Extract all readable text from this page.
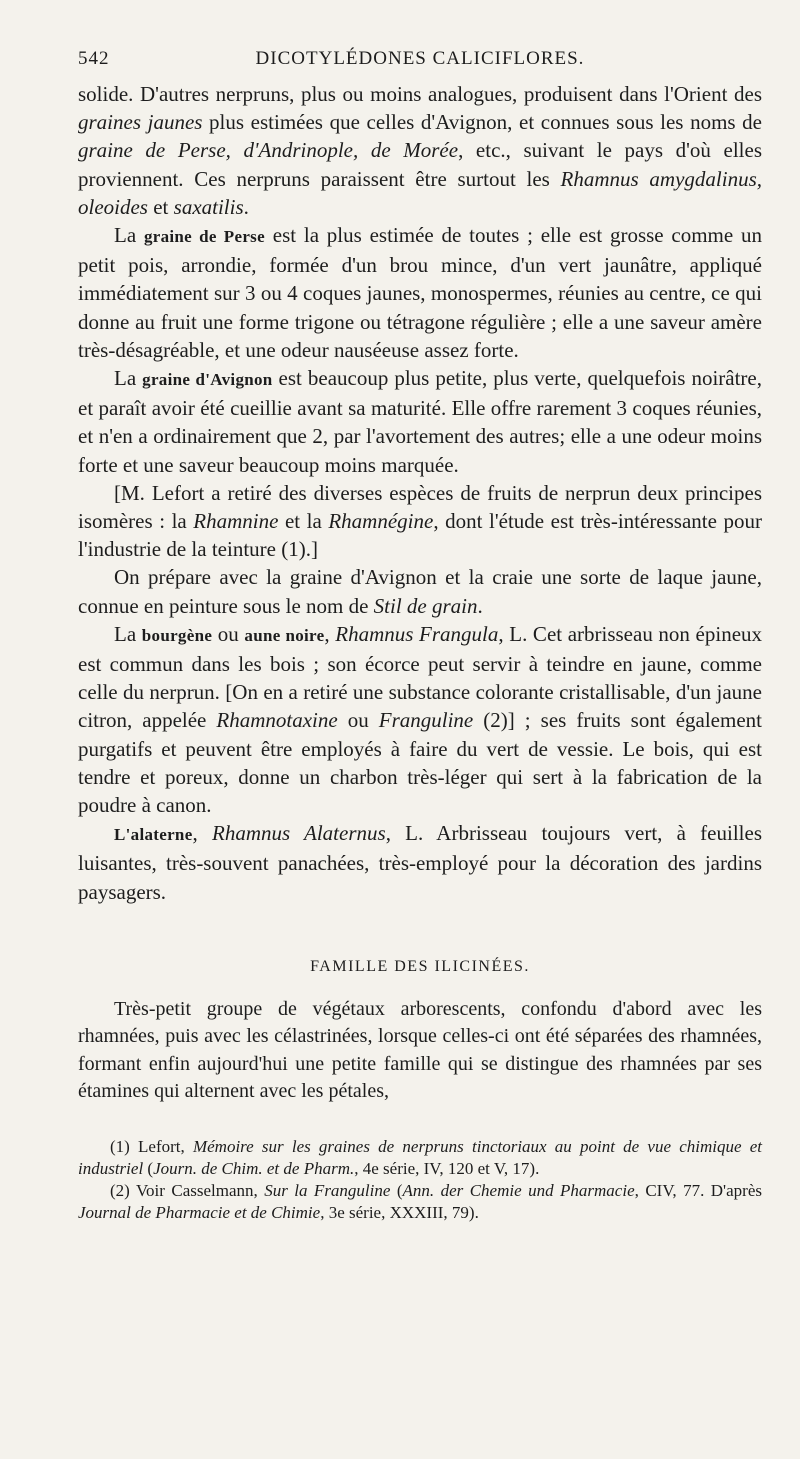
542	DICOTYLÉDONES CALICIFLORES.

solide. D'autres nerpruns, plus ou moins analogues, produisent dans l'Orient des graines jaunes plus estimées que celles d'Avignon, et connues sous les noms de graine de Perse, d'Andrinople, de Morée, etc., suivant le pays d'où elles proviennent. Ces nerpruns paraissent être surtout les Rhamnus amygdalinus, oleoides et saxatilis.

La graine de Perse est la plus estimée de toutes ; elle est grosse comme un petit pois, arrondie, formée d'un brou mince, d'un vert jaunâtre, appliqué immédiatement sur 3 ou 4 coques jaunes, monospermes, réunies au centre, ce qui donne au fruit une forme trigone ou tétragone régulière ; elle a une saveur amère très-désagréable, et une odeur nauséeuse assez forte.

La graine d'Avignon est beaucoup plus petite, plus verte, quelquefois noirâtre, et paraît avoir été cueillie avant sa maturité. Elle offre rarement 3 coques réunies, et n'en a ordinairement que 2, par l'avortement des autres; elle a une odeur moins forte et une saveur beaucoup moins marquée.

[M. Lefort a retiré des diverses espèces de fruits de nerprun deux principes isomères : la Rhamnine et la Rhamnégine, dont l'étude est très-intéressante pour l'industrie de la teinture (1).]

On prépare avec la graine d'Avignon et la craie une sorte de laque jaune, connue en peinture sous le nom de Stil de grain.

La bourgène ou aune noire, Rhamnus Frangula, L. Cet arbrisseau non épineux est commun dans les bois ; son écorce peut servir à teindre en jaune, comme celle du nerprun. [On en a retiré une substance colorante cristallisable, d'un jaune citron, appelée Rhamnotaxine ou Franguline (2)] ; ses fruits sont également purgatifs et peuvent être employés à faire du vert de vessie. Le bois, qui est tendre et poreux, donne un charbon très-léger qui sert à la fabrication de la poudre à canon.

L'alaterne, Rhamnus Alaternus, L. Arbrisseau toujours vert, à feuilles luisantes, très-souvent panachées, très-employé pour la décoration des jardins paysagers.

FAMILLE DES ILICINÉES.

Très-petit groupe de végétaux arborescents, confondu d'abord avec les rhamnées, puis avec les célastrinées, lorsque celles-ci ont été séparées des rhamnées, formant enfin aujourd'hui une petite famille qui se distingue des rhamnées par ses étamines qui alternent avec les pétales,

(1) Lefort, Mémoire sur les graines de nerpruns tinctoriaux au point de vue chimique et industriel (Journ. de Chim. et de Pharm., 4e série, IV, 120 et V, 17).

(2) Voir Casselmann, Sur la Franguline (Ann. der Chemie und Pharmacie, CIV, 77. D'après Journal de Pharmacie et de Chimie, 3e série, XXXIII, 79).
